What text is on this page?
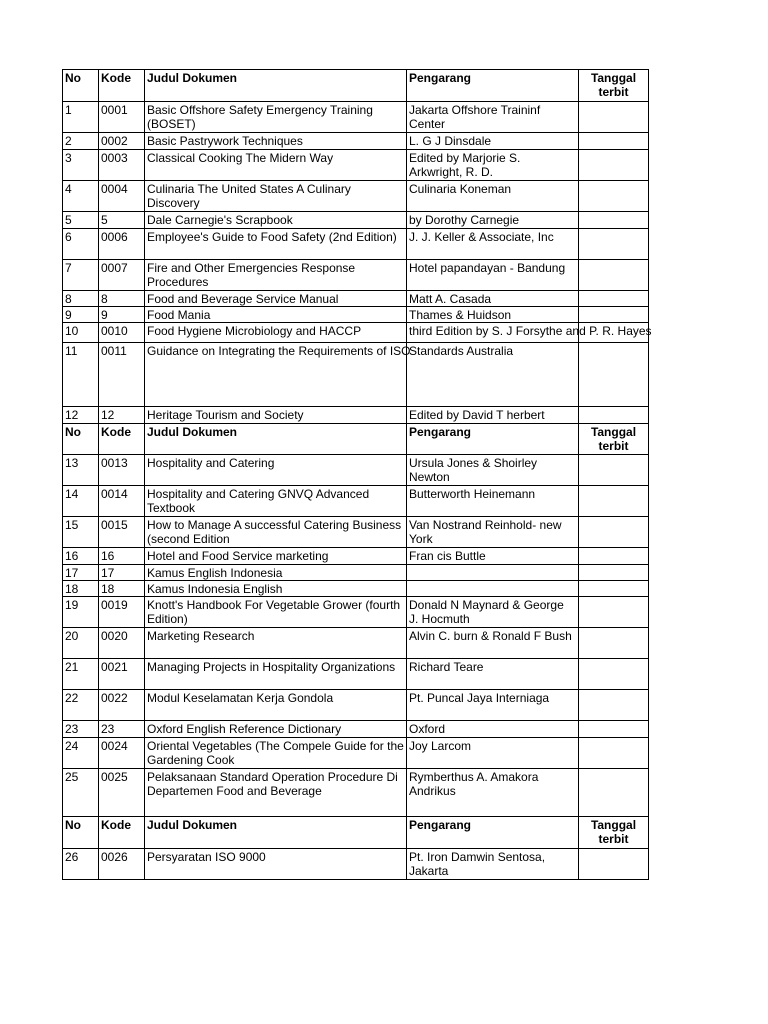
No	Kode	Judul Dokumen	Pengarang	Tanggal terbit
1	0001	Basic Offshore Safety Emergency Training (BOSET)	Jakarta Offshore Traininf Center	
2	0002	Basic Pastrywork Techniques	L. G J Dinsdale	
3	0003	Classical Cooking The Midern Way	Edited by Marjorie S. Arkwright, R. D.	
4	0004	Culinaria The United States A Culinary Discovery	Culinaria Koneman	
5	5	Dale Carnegie's Scrapbook	by Dorothy Carnegie	
6	0006	Employee's Guide to Food Safety (2nd Edition)	J. J. Keller & Associate, Inc	
7	0007	Fire and Other Emergencies Response Procedures	Hotel papandayan - Bandung	
8	8	Food and Beverage Service Manual	Matt A. Casada	
9	9	Food Mania	Thames & Huidson	
10	0010	Food Hygiene Microbiology and HACCP	third Edition by S. J Forsythe and P. R. Hayes	
11	0011	Guidance on Integrating the Requirements of ISO	Standards Australia	
12	12	Heritage Tourism and Society	Edited by David T herbert	
No	Kode	Judul Dokumen	Pengarang	Tanggal terbit
13	0013	Hospitality and Catering	Ursula Jones & Shoirley Newton	
14	0014	Hospitality and Catering GNVQ Advanced Textbook	Butterworth Heinemann	
15	0015	How to Manage A successful Catering Business (second Edition	Van Nostrand Reinhold- new York	
16	16	Hotel and Food Service marketing	Fran cis Buttle	
17	17	Kamus English Indonesia		
18	18	Kamus Indonesia English		
19	0019	Knott's Handbook For Vegetable Grower (fourth Edition)	Donald N Maynard & George J. Hocmuth	
20	0020	Marketing Research	Alvin C. burn & Ronald F Bush	
21	0021	Managing Projects in Hospitality Organizations	Richard Teare	
22	0022	Modul Keselamatan Kerja Gondola	Pt. Puncal Jaya Interniaga	
23	23	Oxford English Reference Dictionary	Oxford	
24	0024	Oriental Vegetables (The Compele Guide for the Gardening Cook	Joy Larcom	
25	0025	Pelaksanaan Standard Operation Procedure Di Departemen Food and Beverage	Rymberthus A. Amakora Andrikus	
No	Kode	Judul Dokumen	Pengarang	Tanggal terbit
26	0026	Persyaratan ISO 9000	Pt. Iron Damwin Sentosa, Jakarta	
